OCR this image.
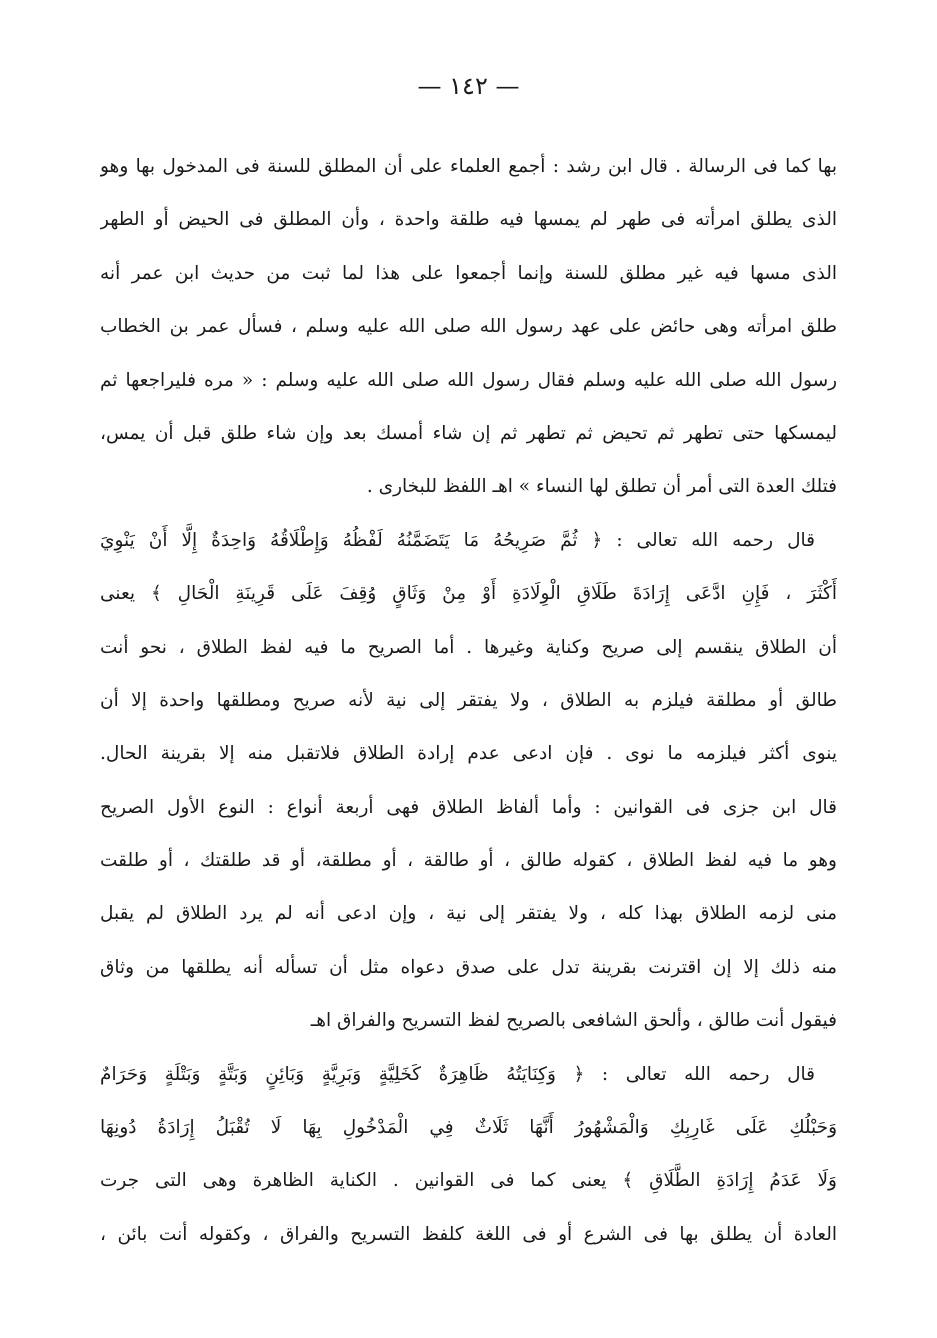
— ١٤٢ —
بها كما فى الرسالة . قال ابن رشد : أجمع العلماء على أن المطلق للسنة فى المدخول بها وهو
الذى يطلق امرأته فى طهر لم يمسها فيه طلقة واحدة ، وأن المطلق فى الحيض أو الطهر
الذى مسها فيه غير مطلق للسنة وإنما أجمعوا على هذا لما ثبت من حديث ابن عمر أنه
طلق امرأته وهى حائض على عهد رسول الله صلى الله عليه وسلم ، فسأل عمر بن الخطاب
رسول الله صلى الله عليه وسلم فقال رسول الله صلى الله عليه وسلم : « مره فليراجعها ثم
ليمسكها حتى تطهر ثم تحيض ثم تطهر ثم إن شاء أمسك بعد وإن شاء طلق قبل أن يمس،
فتلك العدة التى أمر أن تطلق لها النساء » اهـ اللفظ للبخارى .
قال رحمه الله تعالى : ﴿ ثُمَّ صَرِيحُهُ مَا يَتَضَمَّنُهُ لَفْظُهُ وَإِطْلَاقُهُ وَاحِدَةٌ إِلَّا أَنْ يَنْوِيَ
أَكْثَرَ ، فَإِنِ ادَّعَى إِرَادَةَ طَلَاقِ الْوِلَادَةِ أَوْ مِنْ وَثَاقٍ وُقِفَ عَلَى قَرِينَةِ الْحَالِ ﴾ يعنى
أن الطلاق ينقسم إلى صريح وكناية وغيرها . أما الصريح ما فيه لفظ الطلاق ، نحو أنت
طالق أو مطلقة فيلزم به الطلاق ، ولا يفتقر إلى نية لأنه صريح ومطلقها واحدة إلا أن
ينوى أكثر فيلزمه ما نوى . فإن ادعى عدم إرادة الطلاق فلاتقبل منه إلا بقرينة الحال.
قال ابن جزى فى القوانين : وأما ألفاظ الطلاق فهى أربعة أنواع : النوع الأول الصريح
وهو ما فيه لفظ الطلاق ، كقوله طالق ، أو طالقة ، أو مطلقة، أو قد طلقتك ، أو طلقت
منى لزمه الطلاق بهذا كله ، ولا يفتقر إلى نية ، وإن ادعى أنه لم يرد الطلاق لم يقبل
منه ذلك إلا إن اقترنت بقرينة تدل على صدق دعواه مثل أن تسأله أنه يطلقها من وثاق
فيقول أنت طالق ، وألحق الشافعى بالصريح لفظ التسريح والفراق اهـ
قال رحمه الله تعالى : ﴿ وَكِنَايَتُهُ ظَاهِرَةٌ كَخَلِيَّةٍ وَبَرِيَّةٍ وَبَائِنٍ وَبَتَّةٍ وَبَتْلَةٍ وَحَرَامٌ
وَحَبْلُكِ عَلَى غَارِبِكِ وَالْمَشْهُورُ أَنَّهَا ثَلَاثٌ فِي الْمَدْخُولِ بِهَا لَا تُقْبَلُ إِرَادَةُ دُونِهَا
وَلَا عَدَمُ إِرَادَةِ الطَّلَاقِ ﴾ يعنى كما فى القوانين . الكناية الظاهرة وهى التى جرت
العادة أن يطلق بها فى الشرع أو فى اللغة كلفظ التسريح والفراق ، وكقوله أنت بائن ،
